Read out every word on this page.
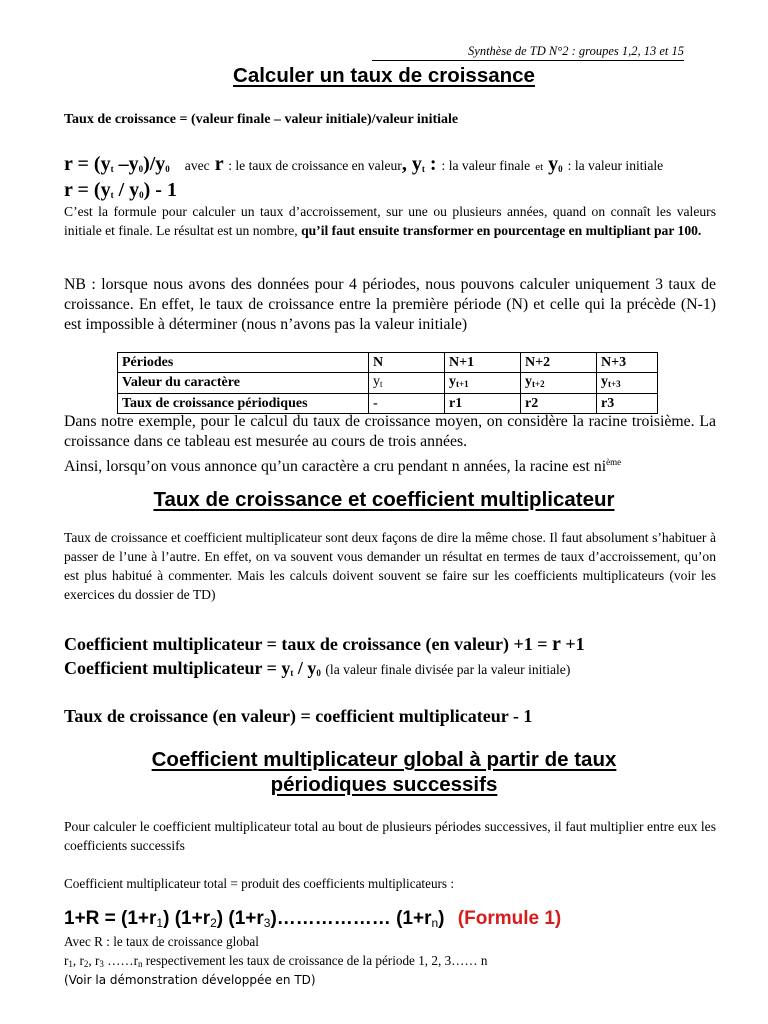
Synthèse de TD N°2 : groupes 1,2, 13 et 15
Calculer un taux de croissance
Taux de croissance = (valeur finale – valeur initiale)/valeur initiale
$r = (y_t$ $-y_0)/y_0$ avec r : le taux de croissance en valeur, $y_t$ : : la valeur finale et $y_0$ : la valeur initiale
$r = (y_t / y_0) - 1$
C’est la formule pour calculer un taux d’accroissement, sur une ou plusieurs années, quand on connaît les valeurs initiale et finale. Le résultat est un nombre, qu’il faut ensuite transformer en pourcentage en multipliant par 100.
NB : lorsque nous avons des données pour 4 périodes, nous pouvons calculer uniquement 3 taux de croissance. En effet, le taux de croissance entre la première période (N) et celle qui la précède (N-1) est impossible à déterminer (nous n’avons pas la valeur initiale)
Périodes	N	N+1	N+2	N+3
Valeur du caractère	$y_t$	$y_{t+1}$	$y_{t+2}$	$y_{t+3}$
Taux de croissance périodiques	-	r1	r2	r3
Dans notre exemple, pour le calcul du taux de croissance moyen, on considère la racine troisième. La croissance dans ce tableau est mesurée au cours de trois années.
Ainsi, lorsqu’on vous annonce qu’un caractère a cru pendant n années, la racine est $ni^{ème}$
Taux de croissance et coefficient multiplicateur
Taux de croissance et coefficient multiplicateur sont deux façons de dire la même chose. Il faut absolument s’habituer à passer de l’une à l’autre. En effet, on va souvent vous demander un résultat en termes de taux d’accroissement, qu’on est plus habitué à commenter. Mais les calculs doivent souvent se faire sur les coefficients multiplicateurs (voir les exercices du dossier de TD)
Coefficient multiplicateur = taux de croissance (en valeur) +1 = r +1
Coefficient multiplicateur = $y_t / y_0$ (la valeur finale divisée par la valeur initiale)
Taux de croissance (en valeur) = coefficient multiplicateur - 1
Coefficient multiplicateur global à partir de taux
périodiques successifs
Pour calculer le coefficient multiplicateur total au bout de plusieurs périodes successives, il faut multiplier entre eux les coefficients successifs
Coefficient multiplicateur total = produit des coefficients multiplicateurs :
$1+R = (1+r_1)$ $(1+r_2)$ $(1+r_3)\dots\dots\dots\dots\dots\dots$ $(1+r_n)$ (Formule 1)
Avec R : le taux de croissance global
$r_1$, $r_2$, $r_3$ $\dots\dots r_n$ respectivement les taux de croissance de la période 1, 2, 3…… n
(Voir la démonstration développée en TD)
